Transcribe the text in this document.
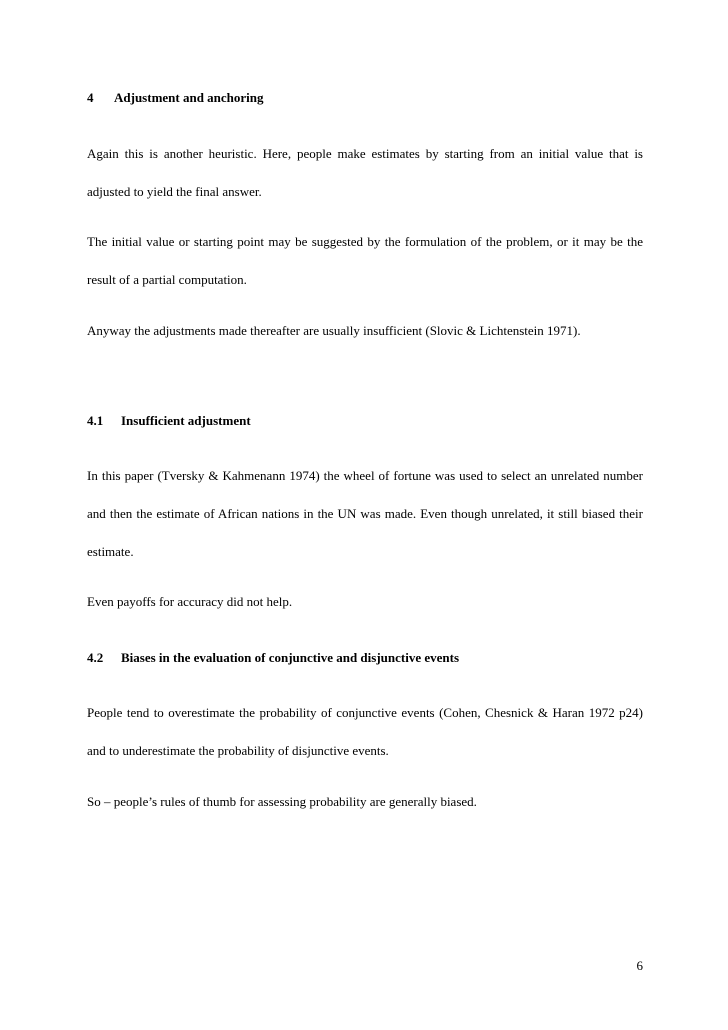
4 Adjustment and anchoring
Again this is another heuristic. Here, people make estimates by starting from an initial value that is adjusted to yield the final answer.
The initial value or starting point may be suggested by the formulation of the problem, or it may be the result of a partial computation.
Anyway the adjustments made thereafter are usually insufficient (Slovic & Lichtenstein 1971).
4.1 Insufficient adjustment
In this paper (Tversky & Kahmenann 1974) the wheel of fortune was used to select an unrelated number and then the estimate of African nations in the UN was made. Even though unrelated, it still biased their estimate.
Even payoffs for accuracy did not help.
4.2 Biases in the evaluation of conjunctive and disjunctive events
People tend to overestimate the probability of conjunctive events (Cohen, Chesnick & Haran 1972 p24) and to underestimate the probability of disjunctive events.
So – people’s rules of thumb for assessing probability are generally biased.
6
